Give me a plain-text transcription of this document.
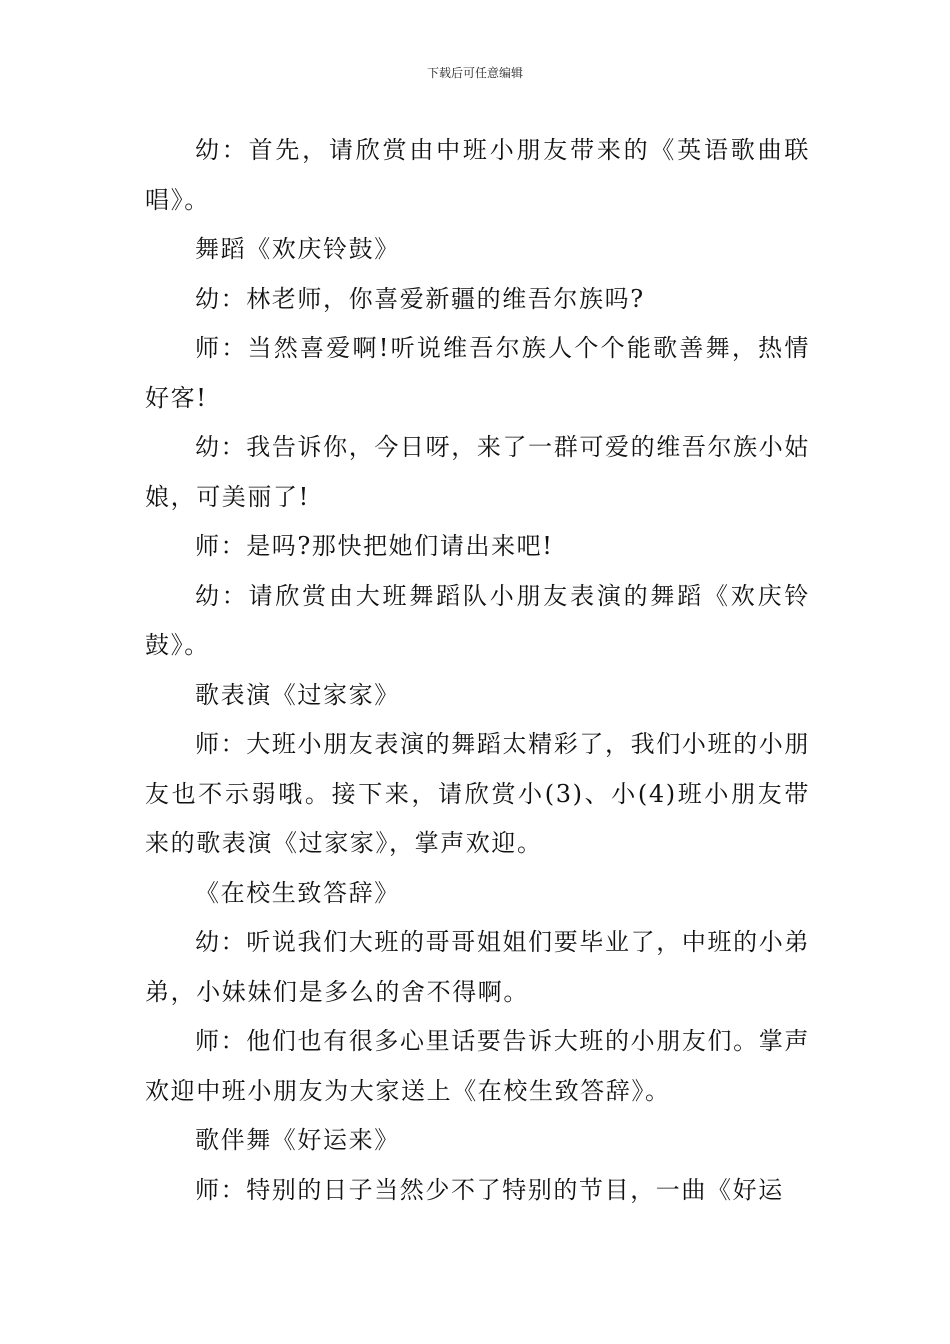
下载后可任意编辑

幼：首先，请欣赏由中班小朋友带来的《英语歌曲联唱》。

舞蹈《欢庆铃鼓》

幼：林老师，你喜爱新疆的维吾尔族吗?

师：当然喜爱啊!听说维吾尔族人个个能歌善舞，热情好客!

幼：我告诉你，今日呀，来了一群可爱的维吾尔族小姑娘，可美丽了!

师：是吗?那快把她们请出来吧!

幼：请欣赏由大班舞蹈队小朋友表演的舞蹈《欢庆铃鼓》。

歌表演《过家家》

师：大班小朋友表演的舞蹈太精彩了，我们小班的小朋友也不示弱哦。接下来，请欣赏小(3)、小(4)班小朋友带来的歌表演《过家家》，掌声欢迎。

《在校生致答辞》

幼：听说我们大班的哥哥姐姐们要毕业了，中班的小弟弟，小妹妹们是多么的舍不得啊。

师：他们也有很多心里话要告诉大班的小朋友们。掌声欢迎中班小朋友为大家送上《在校生致答辞》。

歌伴舞《好运来》

师：特别的日子当然少不了特别的节目，一曲《好运
